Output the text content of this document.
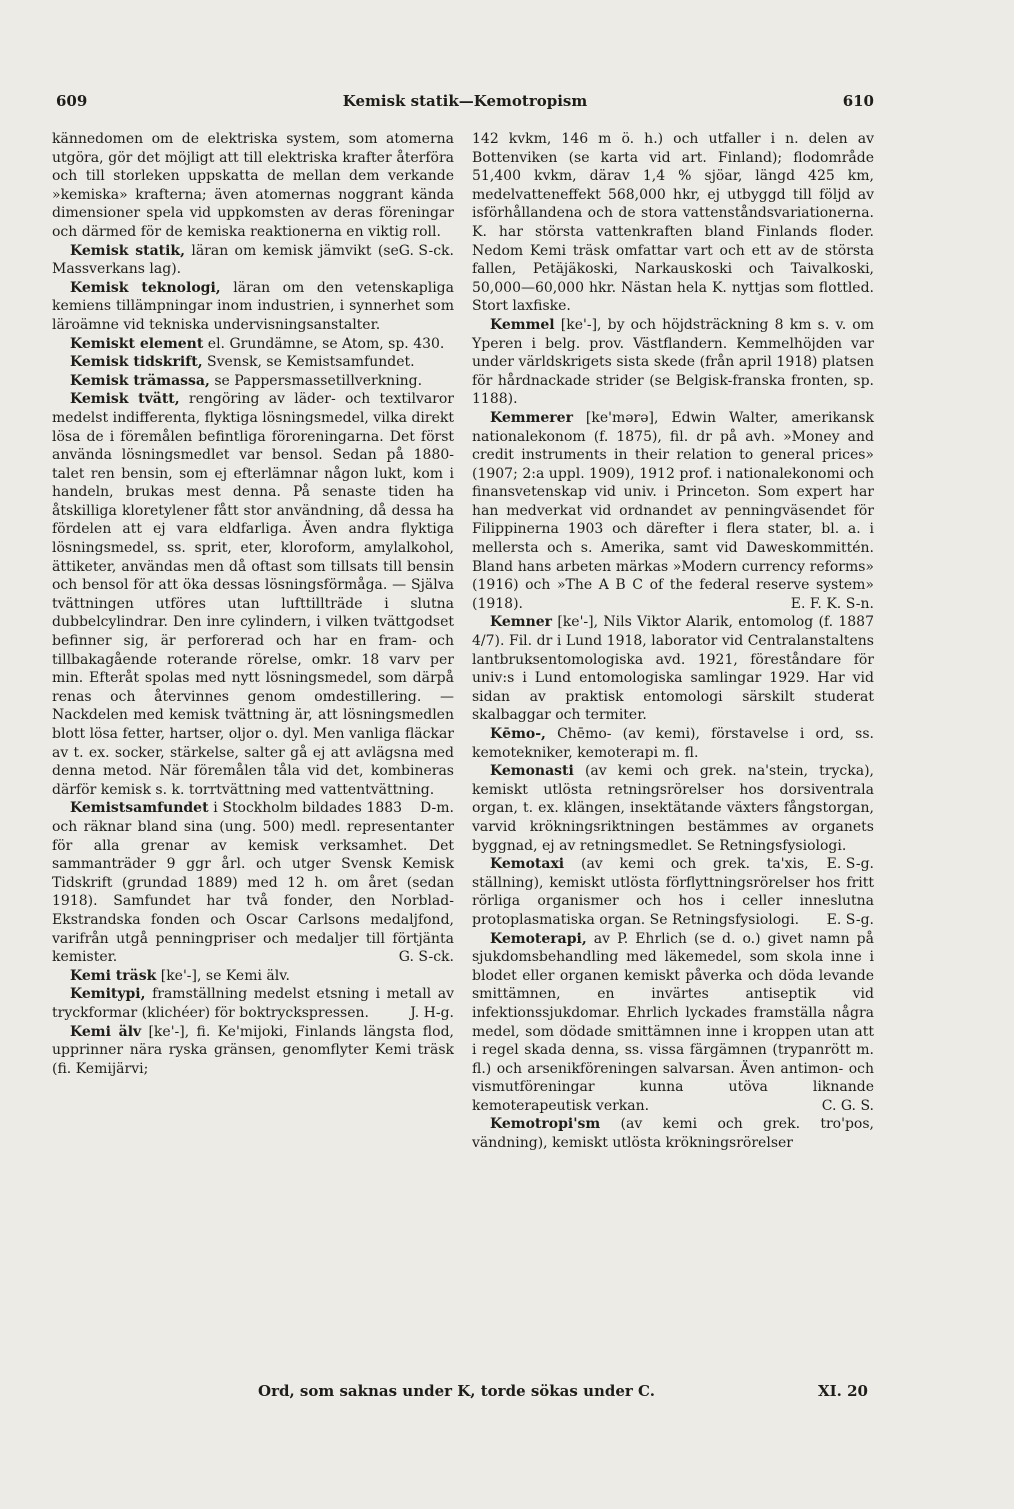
609	Kemisk statik—Kemotropism	610

kännedomen om de elektriska system, som atomerna utgöra, gör det möjligt att till elektriska krafter återföra och till storleken uppskatta de mellan dem verkande »kemiska» krafterna; även atomernas noggrant kända dimensioner spela vid uppkomsten av deras föreningar och därmed för de kemiska reaktionerna en viktig roll.
G. S-ck.

Kemisk statik, läran om kemisk jämvikt (se Massverkans lag).

Kemisk teknologi, läran om den vetenskapliga kemiens tillämpningar inom industrien, i synnerhet som läroämne vid tekniska undervisningsanstalter.

Kemiskt element el. Grundämne, se Atom, sp. 430.

Kemisk tidskrift, Svensk, se Kemistsamfundet.

Kemisk trämassa, se Pappersmassetillverkning.

Kemisk tvätt, rengöring av läder- och textilvaror medelst indifferenta, flyktiga lösningsmedel, vilka direkt lösa de i föremålen befintliga föroreningarna. Det först använda lösningsmedlet var bensol. Sedan på 1880-talet ren bensin, som ej efterlämnar någon lukt, kom i handeln, brukas mest denna. På senaste tiden ha åtskilliga kloretylener fått stor användning, då dessa ha fördelen att ej vara eldfarliga. Även andra flyktiga lösningsmedel, ss. sprit, eter, kloroform, amylalkohol, ättiketer, användas men då oftast som tillsats till bensin och bensol för att öka dessas lösningsförmåga. — Själva tvättningen utföres utan lufttillträde i slutna dubbelcylindrar. Den inre cylindern, i vilken tvättgodset befinner sig, är perforerad och har en fram- och tillbakagående roterande rörelse, omkr. 18 varv per min. Efteråt spolas med nytt lösningsmedel, som därpå renas och återvinnes genom omdestillering. — Nackdelen med kemisk tvättning är, att lösningsmedlen blott lösa fetter, hartser, oljor o. dyl. Men vanliga fläckar av t. ex. socker, stärkelse, salter gå ej att avlägsna med denna metod. När föremålen tåla vid det, kombineras därför kemisk s. k. torrtvättning med vattentvättning.
D-m.

Kemistsamfundet i Stockholm bildades 1883 och räknar bland sina (ung. 500) medl. representanter för alla grenar av kemisk verksamhet. Det sammanträder 9 ggr årl. och utger Svensk Kemisk Tidskrift (grundad 1889) med 12 h. om året (sedan 1918). Samfundet har två fonder, den Norblad-Ekstrandska fonden och Oscar Carlsons medaljfond, varifrån utgå penningpriser och medaljer till förtjänta kemister.	G. S-ck.

Kemi träsk [ke'-], se Kemi älv.

Kemitypi, framställning medelst etsning i metall av tryckformar (klichéer) för boktryckspressen.	J. H-g.

Kemi älv [ke'-], fi. Ke'mijoki, Finlands längsta flod, upprinner nära ryska gränsen, genomflyter Kemi träsk (fi. Kemijärvi;

142 kvkm, 146 m ö. h.) och utfaller i n. delen av Bottenviken (se karta vid art. Finland); flodområde 51,400 kvkm, därav 1,4 % sjöar, längd 425 km, medelvatteneffekt 568,000 hkr, ej utbyggd till följd av isförhållandena och de stora vattenståndsvariationerna. K. har största vattenkraften bland Finlands floder. Nedom Kemi träsk omfattar vart och ett av de största fallen, Petäjäkoski, Narkauskoski och Taivalkoski, 50,000—60,000 hkr. Nästan hela K. nyttjas som flottled. Stort laxfiske.

Kemmel [ke'-], by och höjdsträckning 8 km s. v. om Yperen i belg. prov. Västflandern. Kemmelhöjden var under världskrigets sista skede (från april 1918) platsen för hårdnackade strider (se Belgisk-franska fronten, sp. 1188).

Kemmerer [ke'mərə], Edwin Walter, amerikansk nationalekonom (f. 1875), fil. dr på avh. »Money and credit instruments in their relation to general prices» (1907; 2:a uppl. 1909), 1912 prof. i nationalekonomi och finansvetenskap vid univ. i Princeton. Som expert har han medverkat vid ordnandet av penningväsendet för Filippinerna 1903 och därefter i flera stater, bl. a. i mellersta och s. Amerika, samt vid Daweskommittén. Bland hans arbeten märkas »Modern currency reforms» (1916) och »The A B C of the federal reserve system» (1918).	E. F. K. S-n.

Kemner [ke'-], Nils Viktor Alarik, entomolog (f. 1887 4/7). Fil. dr i Lund 1918, laborator vid Centralanstaltens lantbruksentomologiska avd. 1921, föreståndare för univ:s i Lund entomologiska samlingar 1929. Har vid sidan av praktisk entomologi särskilt studerat skalbaggar och termiter.

Kēmo-, Chēmo- (av kemi), förstavelse i ord, ss. kemotekniker, kemoterapi m. fl.

Kemonasti (av kemi och grek. na'stein, trycka), kemiskt utlösta retningsrörelser hos dorsiventrala organ, t. ex. klängen, insektätande växters fångstorgan, varvid krökningsriktningen bestämmes av organets byggnad, ej av retningsmedlet. Se Retningsfysiologi.
E. S-g.

Kemotaxi (av kemi och grek. ta'xis, ställning), kemiskt utlösta förflyttningsrörelser hos fritt rörliga organismer och hos i celler inneslutna protoplasmatiska organ. Se Retningsfysiologi.	E. S-g.

Kemoterapi, av P. Ehrlich (se d. o.) givet namn på sjukdomsbehandling med läkemedel, som skola inne i blodet eller organen kemiskt påverka och döda levande smittämnen, en invärtes antiseptik vid infektionssjukdomar. Ehrlich lyckades framställa några medel, som dödade smittämnen inne i kroppen utan att i regel skada denna, ss. vissa färgämnen (trypanrött m. fl.) och arsenikföreningen salvarsan. Även antimon- och vismutföreningar kunna utöva liknande kemoterapeutisk verkan.	C. G. S.

Kemotropi'sm (av kemi och grek. tro'pos, vändning), kemiskt utlösta krökningsrörelser

Ord, som saknas under K, torde sökas under C.	XI. 20
